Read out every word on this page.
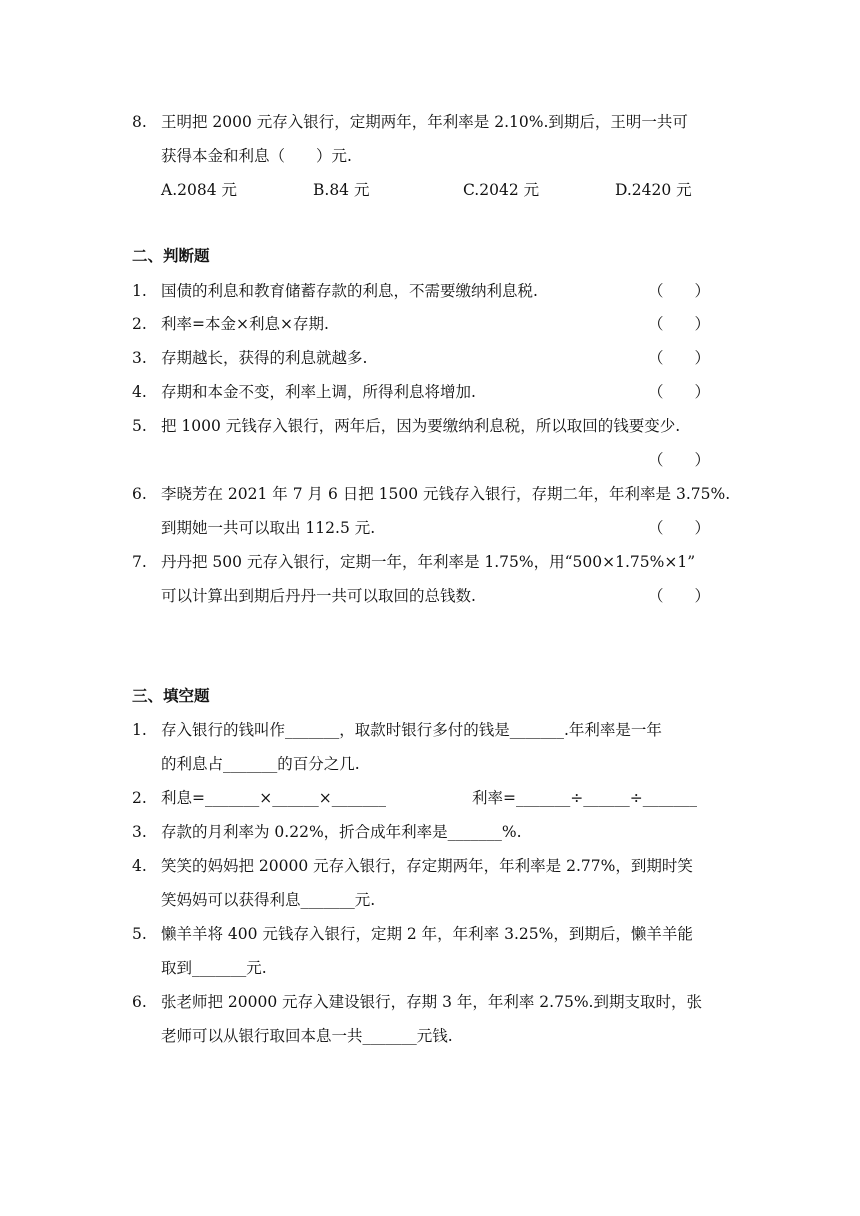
8. 王明把 2000 元存入银行，定期两年，年利率是 2.10%.到期后，王明一共可
获得本金和利息（　　）元.
A.2084 元	B.84 元	C.2042 元	D.2420 元
二、判断题
1. 国债的利息和教育储蓄存款的利息，不需要缴纳利息税.	（　　）
2. 利率=本金×利息×存期.	（　　）
3. 存期越长，获得的利息就越多.	（　　）
4. 存期和本金不变，利率上调，所得利息将增加.	（　　）
5. 把 1000 元钱存入银行，两年后，因为要缴纳利息税，所以取回的钱要变少.
（　　）
6. 李晓芳在 2021 年 7 月 6 日把 1500 元钱存入银行，存期二年，年利率是 3.75%.
到期她一共可以取出 112.5 元.	（　　）
7. 丹丹把 500 元存入银行，定期一年，年利率是 1.75%，用“500×1.75%×1”
可以计算出到期后丹丹一共可以取回的总钱数.	（　　）
三、填空题
1. 存入银行的钱叫作_______，取款时银行多付的钱是_______.年利率是一年
的利息占_______的百分之几.
2. 利息=_______×______×_______	利率=_______÷______÷_______
3. 存款的月利率为 0.22%，折合成年利率是_______%.
4. 笑笑的妈妈把 20000 元存入银行，存定期两年，年利率是 2.77%，到期时笑
笑妈妈可以获得利息_______元.
5. 懒羊羊将 400 元钱存入银行，定期 2 年，年利率 3.25%，到期后，懒羊羊能
取到_______元.
6. 张老师把 20000 元存入建设银行，存期 3 年，年利率 2.75%.到期支取时，张
老师可以从银行取回本息一共_______元钱.
